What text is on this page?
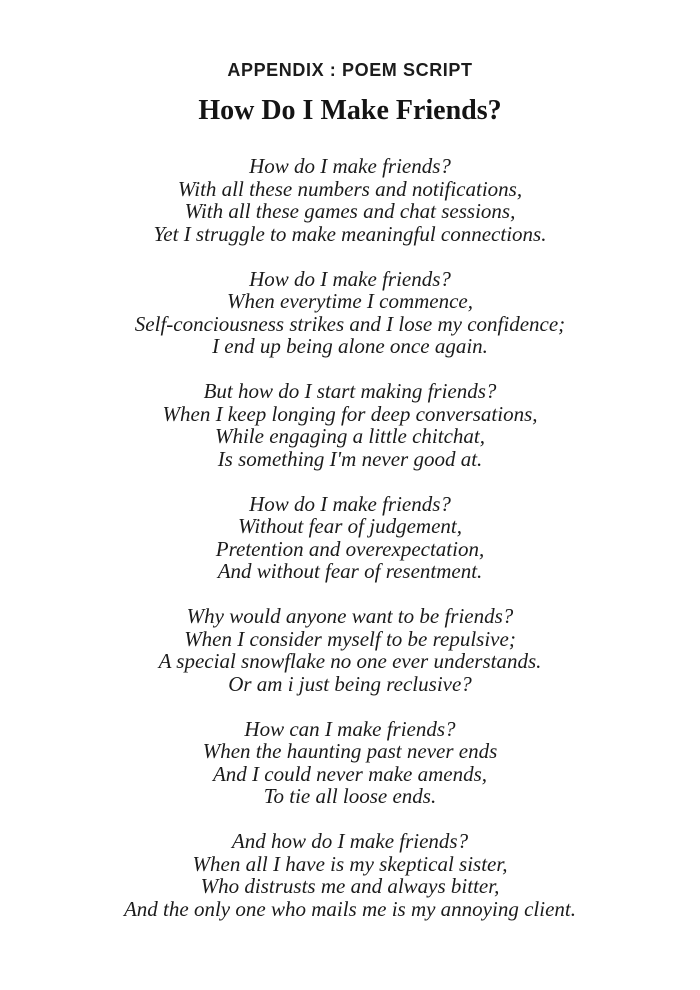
APPENDIX : POEM SCRIPT
How Do I Make Friends?
How do I make friends?
With all these numbers and notifications,
With all these games and chat sessions,
Yet I struggle to make meaningful connections.
How do I make friends?
When everytime I commence,
Self-conciousness strikes and I lose my confidence;
I end up being alone once again.
But how do I start making friends?
When I keep longing for deep conversations,
While engaging a little chitchat,
Is something I'm never good at.
How do I make friends?
Without fear of judgement,
Pretention and overexpectation,
And without fear of resentment.
Why would anyone want to be friends?
When I consider myself to be repulsive;
A special snowflake no one ever understands.
Or am i just being reclusive?
How can I make friends?
When the haunting past never ends
And I could never make amends,
To tie all loose ends.
And how do I make friends?
When all I have is my skeptical sister,
Who distrusts me and always bitter,
And the only one who mails me is my annoying client.
